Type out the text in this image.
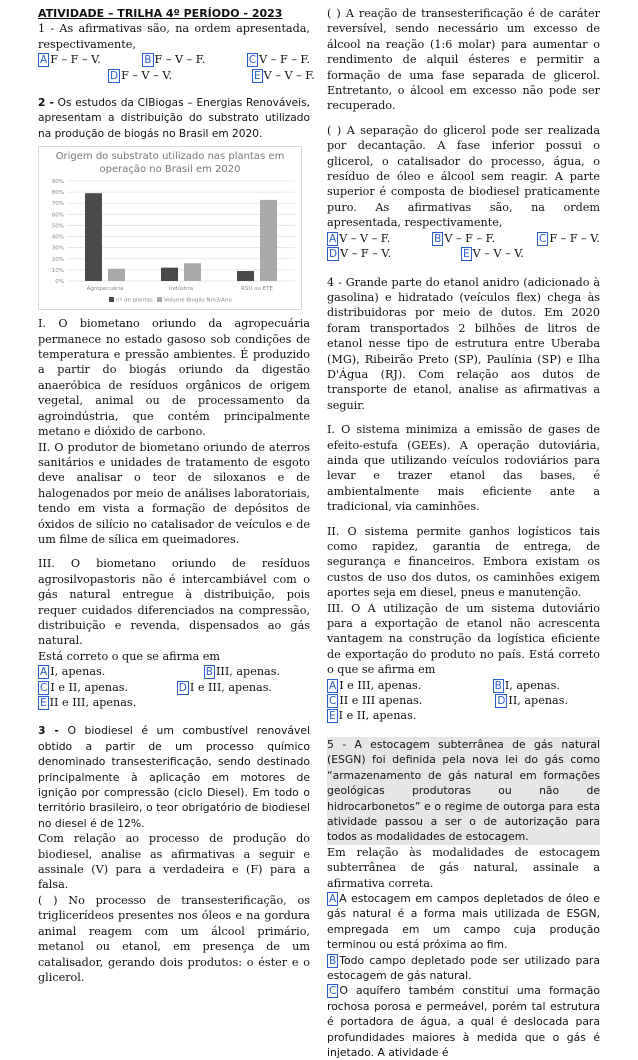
ATIVIDADE – TRILHA 4º PERÍODO - 2023

1 - As afirmativas são, na ordem apresentada, respectivamente,

A F – F – V.	B F – V – F.	C V – F – F.
D F – V – V.	E V – V – F.

2 - Os estudos da CIBiogas – Energias Renováveis, apresentam a distribuição do substrato utilizado na produção de biogás no Brasil em 2020.

Origem do substrato utilizado nas plantas em operação no Brasil em 2020
0%
10%
20%
30%
40%
50%
60%
70%
80%
90%
Agropecuária	Indústria	RSU ou ETE
nº de plantas Volume Biogás Nm3/Ano

I. O biometano oriundo da agropecuária permanece no estado gasoso sob condições de temperatura e pressão ambientes. É produzido a partir do biogás oriundo da digestão anaeróbica de resíduos orgânicos de origem vegetal, animal ou de processamento da agroindústria, que contém principalmente metano e dióxido de carbono.

II. O produtor de biometano oriundo de aterros sanitários e unidades de tratamento de esgoto deve analisar o teor de siloxanos e de halogenados por meio de análises laboratoriais, tendo em vista a formação de depósitos de óxidos de silício no catalisador de veículos e de um filme de sílica em queimadores.

III. O biometano oriundo de resíduos agrosilvopastoris não é intercambiável com o gás natural entregue à distribuição, pois requer cuidados diferenciados na compressão, distribuição e revenda, dispensados ao gás natural.

Está correto o que se afirma em

A I, apenas.	B III, apenas.
C I e II, apenas.	D I e III, apenas.
E II e III, apenas.

3 - O biodiesel é um combustível renovável obtido a partir de um processo químico denominado transesterificação, sendo destinado principalmente à aplicação em motores de ignição por compressão (ciclo Diesel). Em todo o território brasileiro, o teor obrigatório de biodiesel no diesel é de 12%.

Com relação ao processo de produção do biodiesel, analise as afirmativas a seguir e assinale (V) para a verdadeira e (F) para a falsa.

( ) No processo de transesterificação, os triglicerídeos presentes nos óleos e na gordura animal reagem com um álcool primário, metanol ou etanol, em presença de um catalisador, gerando dois produtos: o éster e o glicerol.

( ) A reação de transesterificação é de caráter reversível, sendo necessário um excesso de álcool na reação (1:6 molar) para aumentar o rendimento de alquil ésteres e permitir a formação de uma fase separada de glicerol. Entretanto, o álcool em excesso não pode ser recuperado.

( ) A separação do glicerol pode ser realizada por decantação. A fase inferior possui o glicerol, o catalisador do processo, água, o resíduo de óleo e álcool sem reagir. A parte superior é composta de biodiesel praticamente puro. As afirmativas são, na ordem apresentada, respectivamente,

A V – V – F.	B V – F – F.	C F – F – V.
D V – F – V.	E V – V – V.

4 - Grande parte do etanol anidro (adicionado à gasolina) e hidratado (veículos flex) chega às distribuidoras por meio de dutos. Em 2020 foram transportados 2 bilhões de litros de etanol nesse tipo de estrutura entre Uberaba (MG), Ribeirão Preto (SP), Paulínia (SP) e Ilha D'Água (RJ). Com relação aos dutos de transporte de etanol, analise as afirmativas a seguir.

I. O sistema minimiza a emissão de gases de efeito-estufa (GEEs). A operação dutoviária, ainda que utilizando veículos rodoviários para levar e trazer etanol das bases, é ambientalmente mais eficiente ante a tradicional, via caminhões.

II. O sistema permite ganhos logísticos tais como rapidez, garantia de entrega, de segurança e financeiros. Embora existam os custos de uso dos dutos, os caminhões exigem aportes seja em diesel, pneus e manutenção.

III. O A utilização de um sistema dutoviário para a exportação de etanol não acrescenta vantagem na construção da logística eficiente de exportação do produto no país. Está correto o que se afirma em

A I e III, apenas.	B I, apenas.
C II e III apenas.	D II, apenas.
E I e II, apenas.

5 - A estocagem subterrânea de gás natural (ESGN) foi definida pela nova lei do gás como “armazenamento de gás natural em formações geológicas produtoras ou não de hidrocarbonetos” e o regime de outorga para esta atividade passou a ser o de autorização para todos as modalidades de estocagem.

Em relação às modalidades de estocagem subterrânea de gás natural, assinale a afirmativa correta.

A A estocagem em campos depletados de óleo e gás natural é a forma mais utilizada de ESGN, empregada em um campo cuja produção terminou ou está próxima ao fim.

B Todo campo depletado pode ser utilizado para estocagem de gás natural.

C O aquífero também constitui uma formação rochosa porosa e permeável, porém tal estrutura é portadora de água, a qual é deslocada para profundidades maiores à medida que o gás é injetado. A atividade é
